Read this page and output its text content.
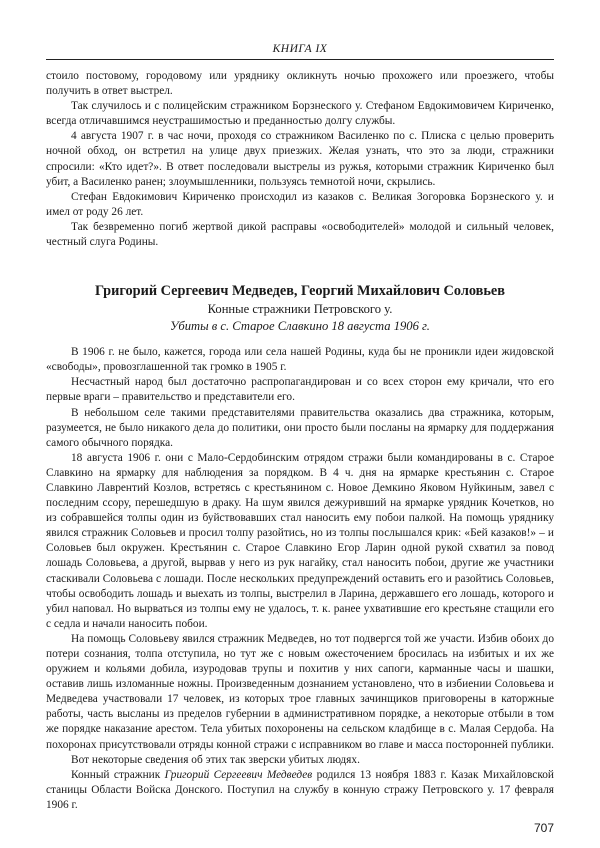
КНИГА IX

стоило постовому, городовому или уряднику окликнуть ночью прохожего или проезжего, чтобы получить в ответ выстрел.

Так случилось и с полицейским стражником Борзнеского у. Стефаном Евдокимовичем Кириченко, всегда отличавшимся неустрашимостью и преданностью долгу службы.

4 августа 1907 г. в час ночи, проходя со стражником Василенко по с. Плиска с целью проверить ночной обход, он встретил на улице двух приезжих. Желая узнать, что это за люди, стражники спросили: «Кто идет?». В ответ последовали выстрелы из ружья, которыми стражник Кириченко был убит, а Василенко ранен; злоумышленники, пользуясь темнотой ночи, скрылись.

Стефан Евдокимович Кириченко происходил из казаков с. Великая Зогоровка Борзнеского у. и имел от роду 26 лет.

Так безвременно погиб жертвой дикой расправы «освободителей» молодой и сильный человек, честный слуга Родины.

Григорий Сергеевич Медведев, Георгий Михайлович Соловьев
Конные стражники Петровского у.
Убиты в с. Старое Славкино 18 августа 1906 г.

В 1906 г. не было, кажется, города или села нашей Родины, куда бы не проникли идеи жидовской «свободы», провозглашенной так громко в 1905 г.

Несчастный народ был достаточно распропагандирован и со всех сторон ему кричали, что его первые враги – правительство и представители его.

В небольшом селе такими представителями правительства оказались два стражника, которым, разумеется, не было никакого дела до политики, они просто были посланы на ярмарку для поддержания самого обычного порядка.

18 августа 1906 г. они с Мало-Сердобинским отрядом стражи были командированы в с. Старое Славкино на ярмарку для наблюдения за порядком. В 4 ч. дня на ярмарке крестьянин с. Старое Славкино Лаврентий Козлов, встретясь с крестьянином с. Новое Демкино Яковом Нуйкиным, завел с последним ссору, перешедшую в драку. На шум явился дежуривший на ярмарке урядник Кочетков, но из собравшейся толпы один из буйствовавших стал наносить ему побои палкой. На помощь уряднику явился стражник Соловьев и просил толпу разойтись, но из толпы послышался крик: «Бей казаков!» – и Соловьев был окружен. Крестьянин с. Старое Славкино Егор Ларин одной рукой схватил за повод лошадь Соловьева, а другой, вырвав у него из рук нагайку, стал наносить побои, другие же участники стаскивали Соловьева с лошади. После нескольких предупреждений оставить его и разойтись Соловьев, чтобы освободить лошадь и выехать из толпы, выстрелил в Ларина, державшего его лошадь, которого и убил наповал. Но вырваться из толпы ему не удалось, т. к. ранее ухватившие его крестьяне стащили его с седла и начали наносить побои.

На помощь Соловьеву явился стражник Медведев, но тот подвергся той же участи. Избив обоих до потери сознания, толпа отступила, но тут же с новым ожесточением бросилась на избитых и их же оружием и кольями добила, изуродовав трупы и похитив у них сапоги, карманные часы и шашки, оставив лишь изломанные ножны. Произведенным дознанием установлено, что в избиении Соловьева и Медведева участвовали 17 человек, из которых трое главных зачинщиков приговорены в каторжные работы, часть высланы из пределов губернии в административном порядке, а некоторые отбыли в том же порядке наказание арестом. Тела убитых похоронены на сельском кладбище в с. Малая Сердоба. На похоронах присутствовали отряды конной стражи с исправником во главе и масса посторонней публики.

Вот некоторые сведения об этих так зверски убитых людях.

Конный стражник Григорий Сергеевич Медведев родился 13 ноября 1883 г. Казак Михайловской станицы Области Войска Донского. Поступил на службу в конную стражу Петровского у. 17 февраля 1906 г.

707
